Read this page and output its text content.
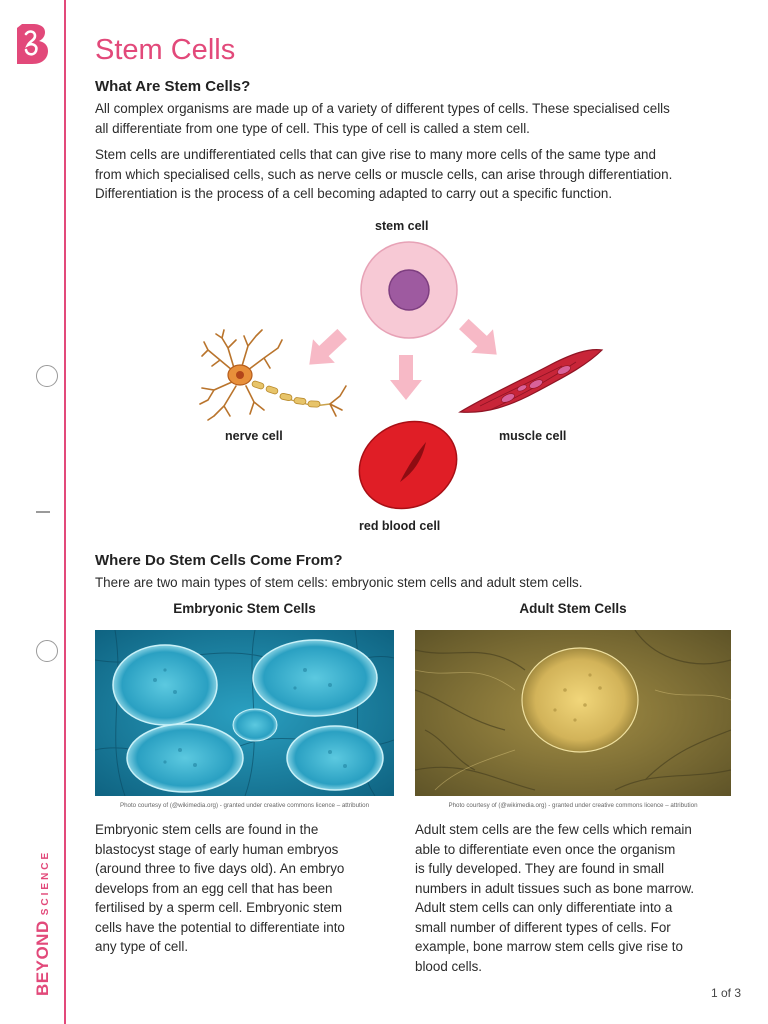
BEYONDSCIENCE
Stem Cells
What Are Stem Cells?

All complex organisms are made up of a variety of different types of cells. These specialised cells
all differentiate from one type of cell. This type of cell is called a stem cell.

Stem cells are undifferentiated cells that can give rise to many more cells of the same type and
from which specialised cells, such as nerve cells or muscle cells, can arise through differentiation.
Differentiation is the process of a cell becoming adapted to carry out a specific function.

stem cell
nerve cell	muscle cell
red blood cell
Where Do Stem Cells Come From?

There are two main types of stem cells: embryonic stem cells and adult stem cells.

Embryonic Stem Cells	Adult Stem Cells
Photo courtesy of (@wikimedia.org) - granted under creative commons licence – attribution	Photo courtesy of (@wikimedia.org) - granted under creative commons licence – attribution

Embryonic stem cells are found in the
blastocyst stage of early human embryos
(around three to five days old). An embryo
develops from an egg cell that has been
fertilised by a sperm cell. Embryonic stem
cells have the potential to differentiate into
any type of cell.

Adult stem cells are the few cells which remain
able to differentiate even once the organism
is fully developed. They are found in small
numbers in adult tissues such as bone marrow.
Adult stem cells can only differentiate into a
small number of different types of cells. For
example, bone marrow stem cells give rise to
blood cells.

1 of 3
